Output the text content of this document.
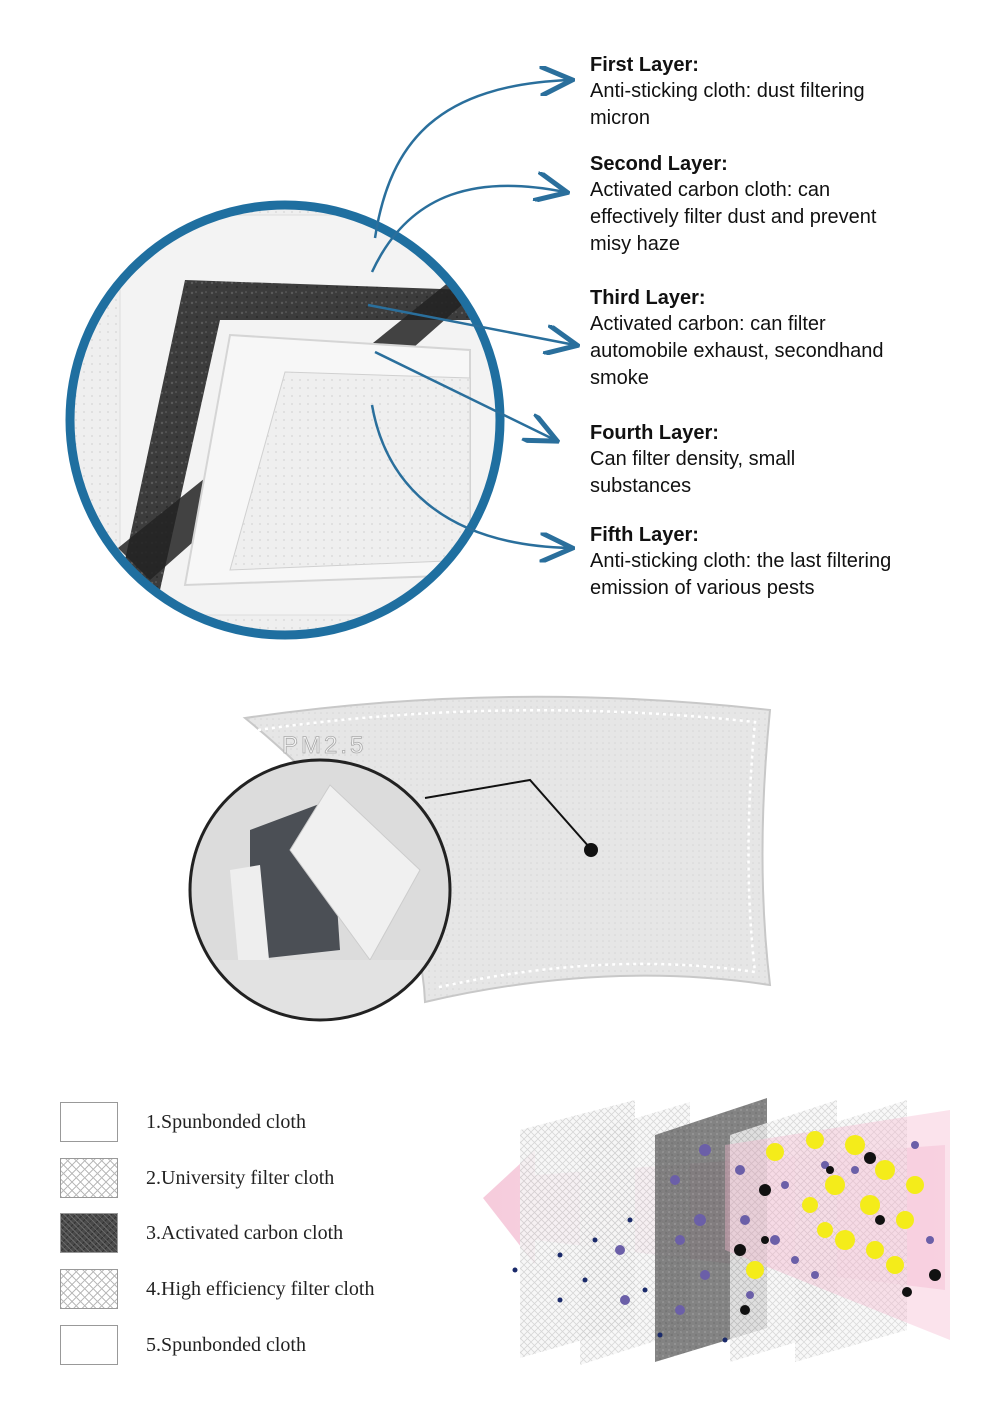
First Layer:
Anti-sticking cloth: dust filtering
micron
Second Layer:
Activated carbon cloth: can
effectively filter dust and prevent
misy haze
Third Layer:
Activated carbon: can filter
automobile exhaust, secondhand
smoke
Fourth Layer:
Can filter density, small
substances
Fifth Layer:
Anti-sticking cloth: the last filtering
emission of various pests
PM2.5
1.Spunbonded cloth
2.University filter cloth
3.Activated carbon cloth
4.High efficiency filter cloth
5.Spunbonded cloth
